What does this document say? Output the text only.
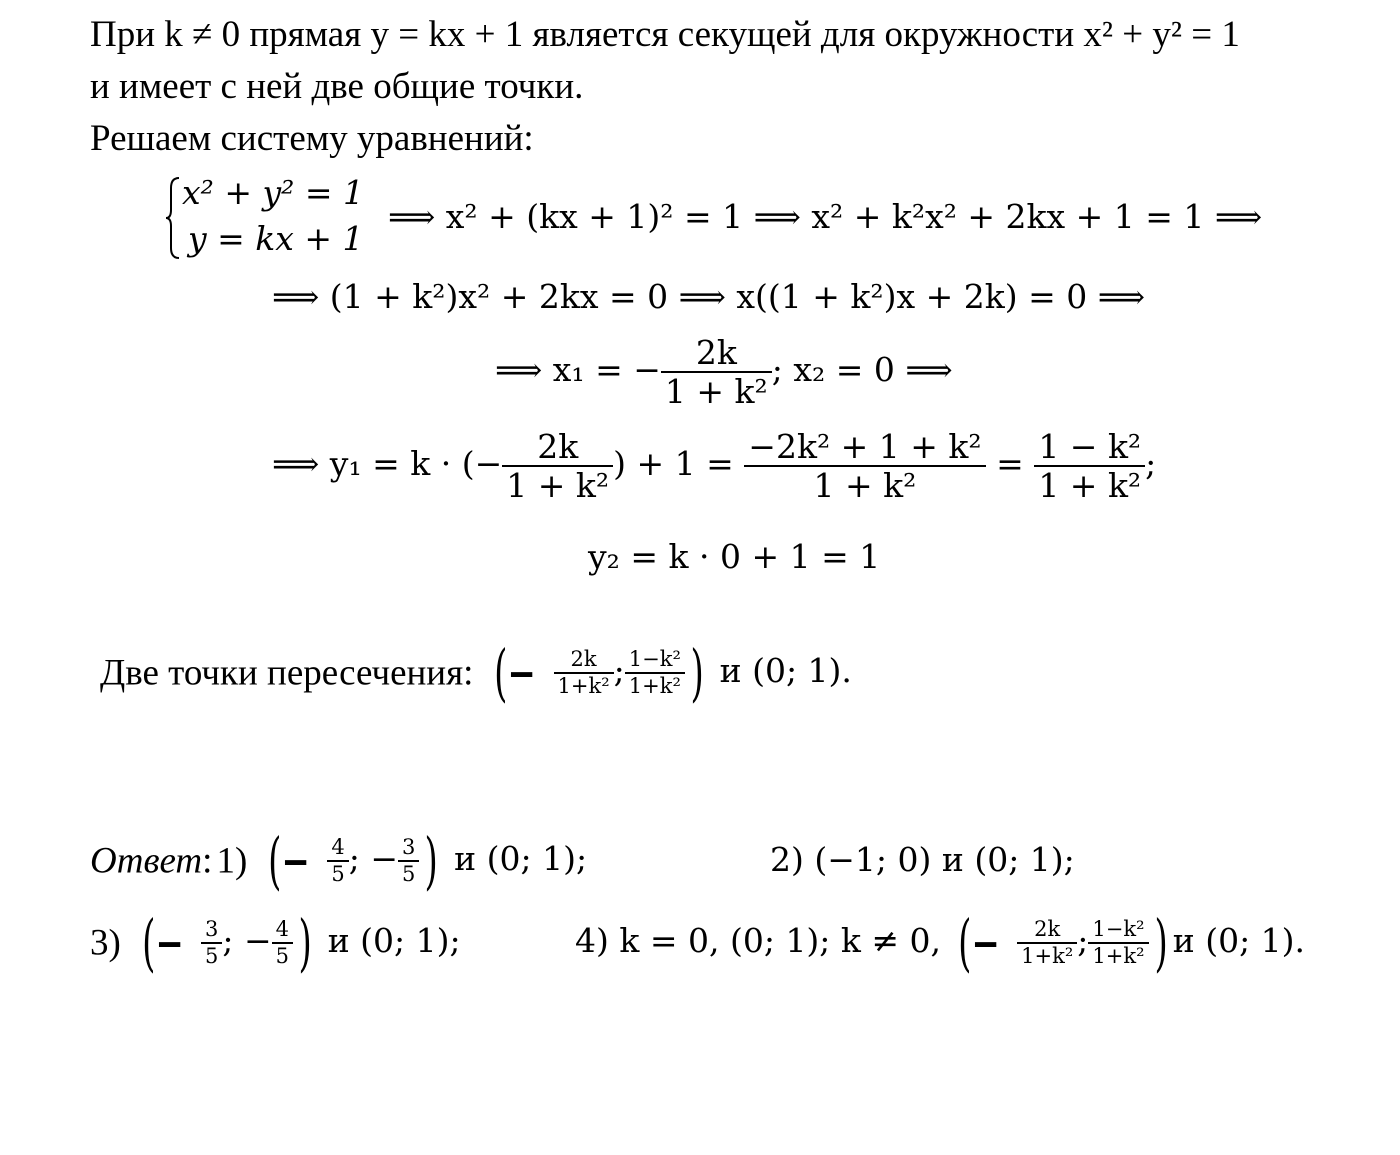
При k ≠ 0 прямая y = kx + 1 является секущей для окружности x² + y² = 1
и имеет с ней две общие точки.
Решаем систему уравнений:
x² + y² = 1
y = kx + 1
⟹ x² + (kx + 1)² = 1 ⟹ x² + k²x² + 2kx + 1 = 1 ⟹
⟹ (1 + k²)x² + 2kx = 0 ⟹ x((1 + k²)x + 2k) = 0 ⟹
⟹ x₁ = − $\frac{2k}{\text{1 + k²}}$ ; x₂ = 0 ⟹
⟹ y₁ = k · (− $\frac{2k}{\text{1 + k²}}$ ) + $1 = \frac{\text{−2k² + 1 + k²}}{\text{1 + k²}} = \frac{\text{1 − k²}}{\text{1 + k²}}$ ;
y₂ = k · 0 + 1 = 1
Две точки пересечения: (− $\frac{2k}{\text{1+k²}}$ ; $\frac{\text{1−k²}}{\text{1+k²}}$ ) и (0; 1).
Ответ: 1) (− $\frac{4}{5}$ ; − $\frac{3}{5}$ ) и (0; 1);	2) (−1; 0) и (0; 1);
3) (− $\frac{3}{5}$ ; − $\frac{4}{5}$ ) и (0; 1);	4) k = 0, (0; 1); k ≠ 0, (− $\frac{2k}{\text{1+k²}}$ ; $\frac{\text{1−k²}}{\text{1+k²}}$ ) и (0; 1).
